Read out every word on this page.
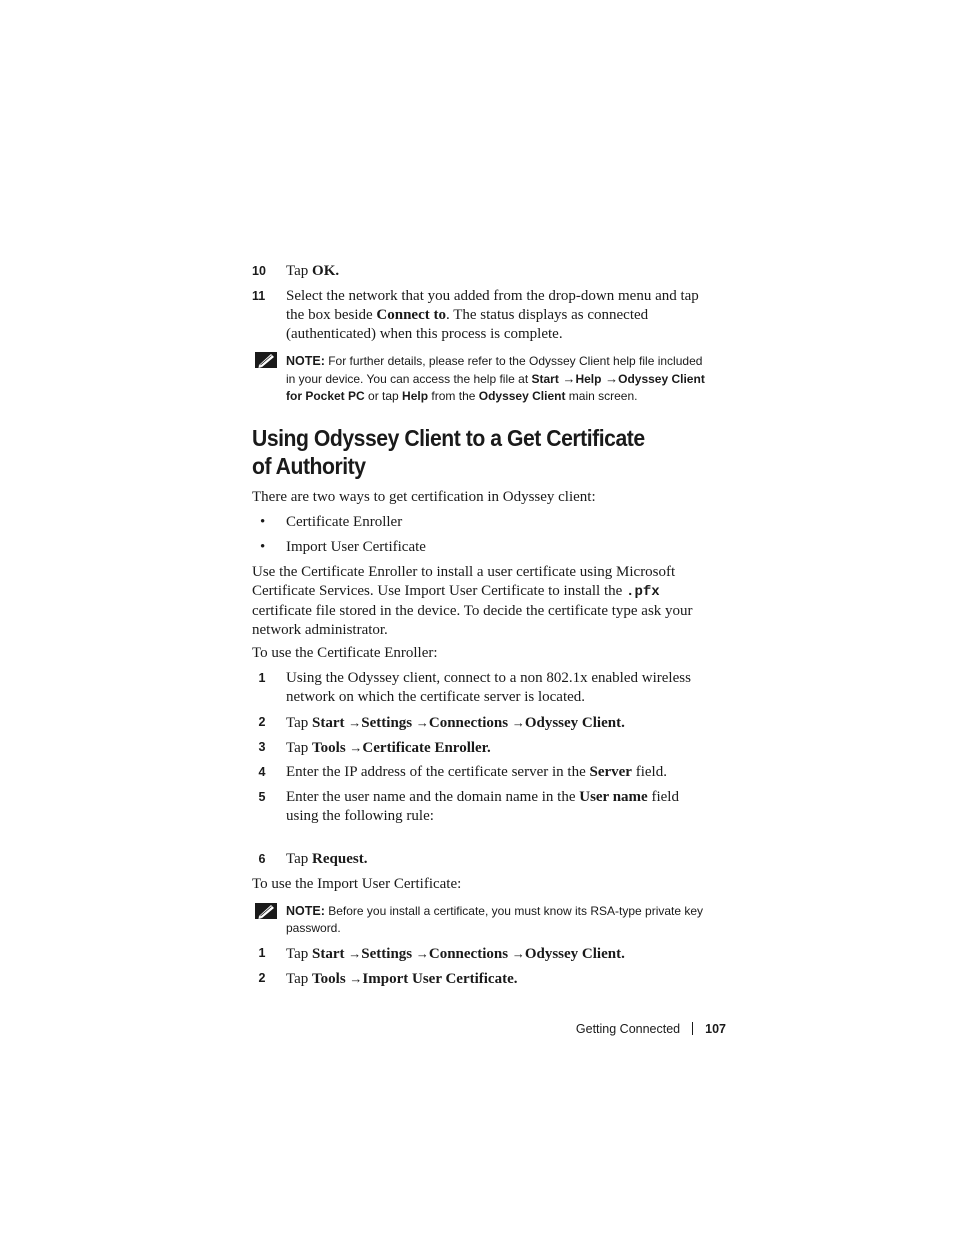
10	Tap OK.
11	Select the network that you added from the drop-down menu and tap
the box beside Connect to. The status displays as connected
(authenticated) when this process is complete.
NOTE: For further details, please refer to the Odyssey Client help file included
in your device. You can access the help file at Start →Help →Odyssey Client
for Pocket PC or tap Help from the Odyssey Client main screen.
Using Odyssey Client to a Get Certificate
of Authority
There are two ways to get certification in Odyssey client:
• Certificate Enroller
• Import User Certificate
Use the Certificate Enroller to install a user certificate using Microsoft
Certificate Services. Use Import User Certificate to install the .pfx
certificate file stored in the device. To decide the certificate type ask your
network administrator.
To use the Certificate Enroller:
1	Using the Odyssey client, connect to a non 802.1x enabled wireless
network on which the certificate server is located.
2	Tap Start →Settings →Connections →Odyssey Client.
3	Tap Tools →Certificate Enroller.
4	Enter the IP address of the certificate server in the Server field.
5	Enter the user name and the domain name in the User name field
using the following rule:
6	Tap Request.
To use the Import User Certificate:
NOTE: Before you install a certificate, you must know its RSA-type private key
password.
1	Tap Start →Settings →Connections →Odyssey Client.
2	Tap Tools →Import User Certificate.
Getting Connected 107
